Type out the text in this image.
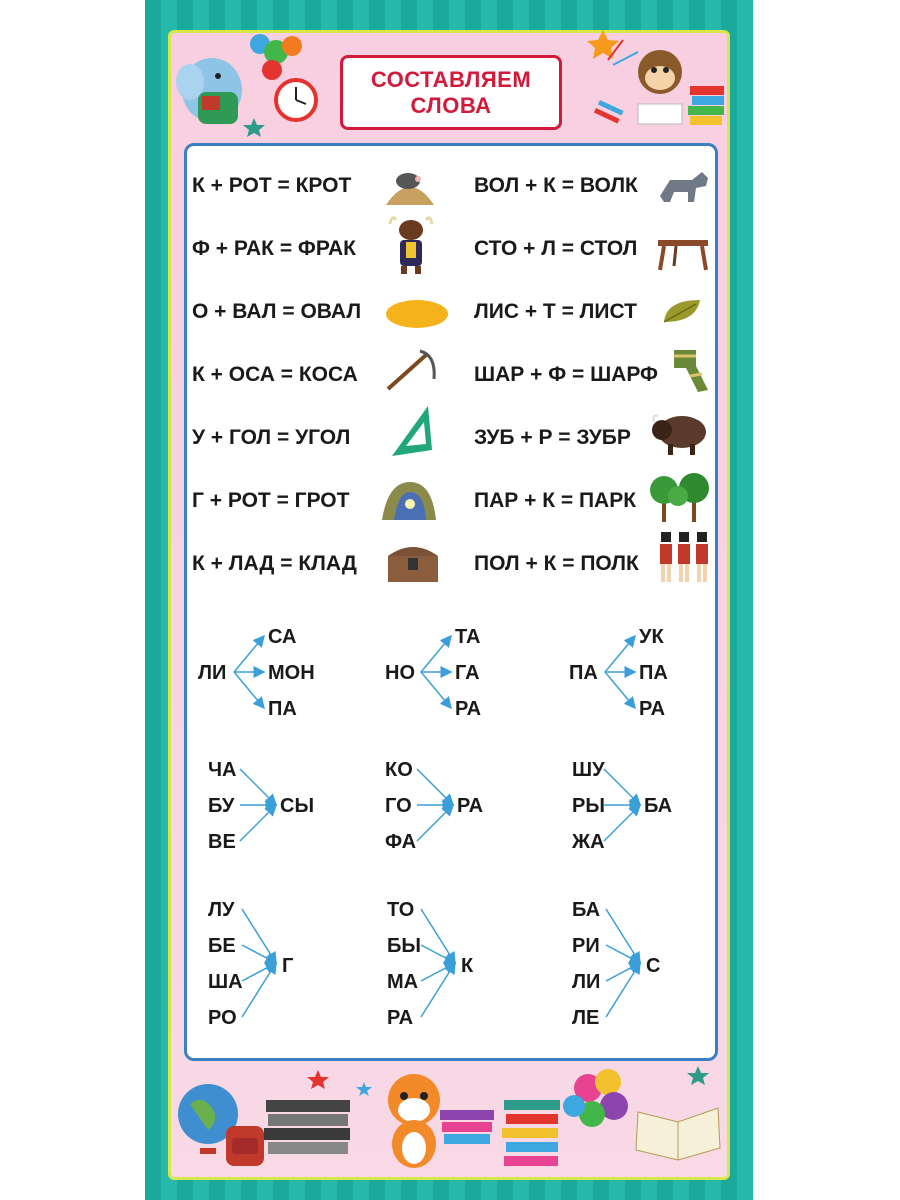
СОСТАВЛЯЕМ
СЛОВА
К + РОТ = КРОТ
Ф + РАК = ФРАК
О + ВАЛ = ОВАЛ
К + ОСА = КОСА
У + ГОЛ = УГОЛ
Г + РОТ = ГРОТ
К + ЛАД = КЛАД
ВОЛ + К = ВОЛК
СТО + Л = СТОЛ
ЛИС + Т = ЛИСТ
ШАР + Ф = ШАРФ
ЗУБ + Р = ЗУБР
ПАР + К = ПАРК
ПОЛ + К = ПОЛК
ЛИ
СА
МОН
ПА
НО
ТА
ГА
РА
ПА
УК
ПА
РА
ЧА
БУ
ВЕ
СЫ
КО
ГО
ФА
РА
ШУ
РЫ
ЖА
БА
ЛУ
БЕ
ША
РО
Г
ТО
БЫ
МА
РА
К
БА
РИ
ЛИ
ЛЕ
С
